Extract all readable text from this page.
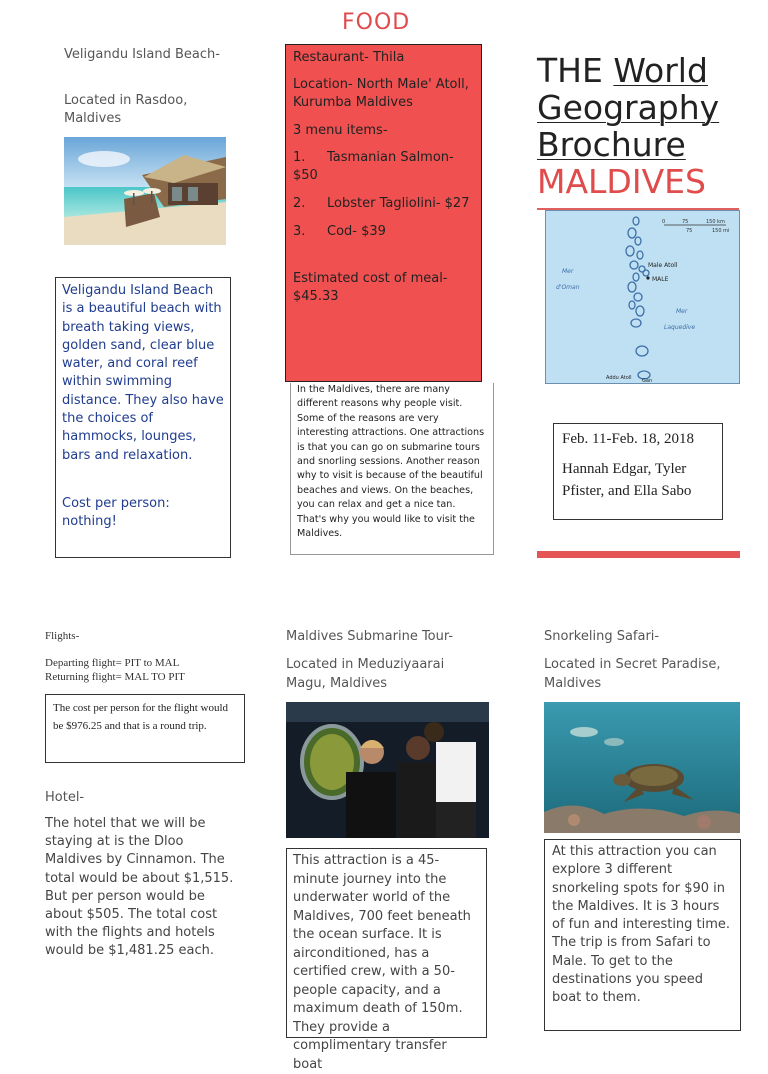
FOOD
Veligandu Island Beach-
Located in Rasdoo, Maldives
Veligandu Island Beach is a beautiful beach with breath taking views, golden sand, clear blue water, and coral reef within swimming distance. They also have the choices of hammocks, lounges, bars and relaxation.
Cost per person: nothing!

Restaurant- Thila

Location- North Male' Atoll, Kurumba Maldives

3 menu items-

1.	Tasmanian Salmon-
$50
2.	Lobster Tagliolini- $27
3.	Cod- $39

Estimated cost of meal- $45.33

In the Maldives, there are many different reasons why people visit. Some of the reasons are very interesting attractions. One attractions is that you can go on submarine tours and snorling sessions. Another reason why to visit is because of the beautiful beaches and views. On the beaches, you can relax and get a nice tan. That's why you would like to visit the Maldives.
THE World
Geography
Brochure
MALDIVES
0	75	150 km
75	150 mi
Male Atoll
MALE
Mer
d'Oman
Mer
Laquedive
Addu Atoll Gan
Feb. 11-Feb. 18, 2018
Hannah Edgar, Tyler Pfister, and Ella Sabo
Flights-
Departing flight= PIT to MAL
Returning flight= MAL TO PIT
The cost per person for the flight would be $976.25 and that is a round trip.
Hotel-
The hotel that we will be staying at is the Dloo Maldives by Cinnamon. The total would be about $1,515. But per person would be about $505. The total cost with the flights and hotels would be $1,481.25 each.
Maldives Submarine Tour-
Located in Meduziyaarai Magu, Maldives
This attraction is a 45-minute journey into the underwater world of the Maldives, 700 feet beneath the ocean surface. It is airconditioned, has a certified crew, with a 50-people capacity, and a maximum death of 150m. They provide a complimentary transfer boat
Snorkeling Safari-
Located in Secret Paradise, Maldives
At this attraction you can explore 3 different snorkeling spots for $90 in the Maldives. It is 3 hours of fun and interesting time. The trip is from Safari to Male. To get to the destinations you speed boat to them.
